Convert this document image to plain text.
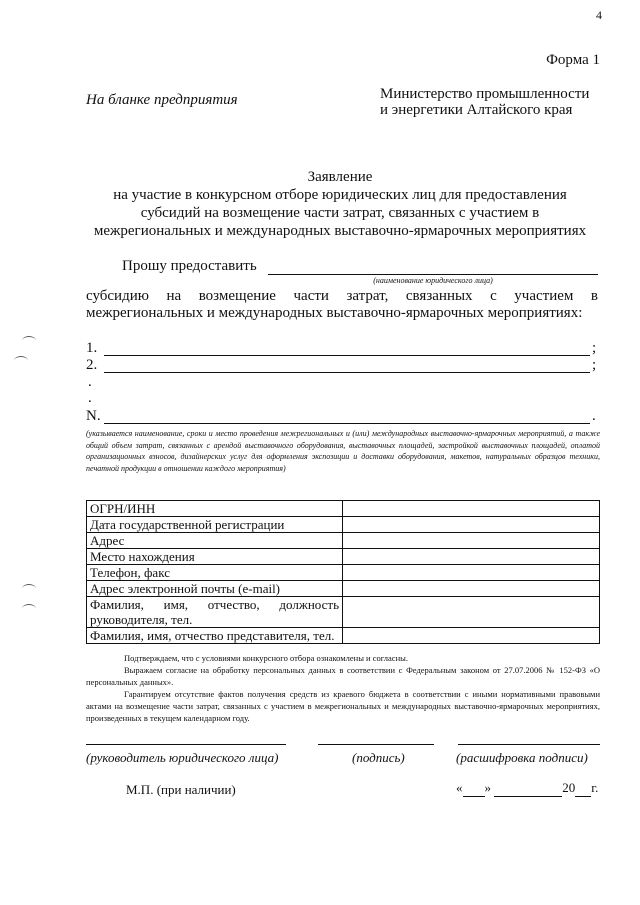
4
Форма 1
На бланке предприятия	Министерство промышленности
и энергетики Алтайского края
Заявление
на участие в конкурсном отборе юридических лиц для предоставления
субсидий на возмещение части затрат, связанных с участием в
межрегиональных и международных выставочно-ярмарочных мероприятиях
Прошу предоставить
(наименование юридического лица)
субсидию на возмещение части затрат, связанных с участием в
межрегиональных и международных выставочно-ярмарочных мероприятиях:
1.	;
2.	;
.
.
N.	.
(указывается наименование, сроки и место проведения межрегиональных и (или) международных выставочно-ярмарочных мероприятий, а также общий объем затрат, связанных с арендой выставочного оборудования, выставочных площадей, застройкой выставочных площадей, оплатой организационных взносов, дизайнерских услуг для оформления экспозиции и доставки оборудования, макетов, натуральных образцов техники, печатной продукции в отношении каждого мероприятия)
ОГРН/ИНН	
Дата государственной регистрации	
Адрес	
Место нахождения	
Телефон, факс	
Адрес электронной почты (e-mail)	
Фамилия, имя, отчество, должность руководителя, тел.	
Фамилия, имя, отчество представителя, тел.	

Подтверждаем, что с условиями конкурсного отбора ознакомлены и согласны.

Выражаем согласие на обработку персональных данных в соответствии с Федеральным законом от 27.07.2006 № 152-ФЗ «О персональных данных».

Гарантируем отсутствие фактов получения средств из краевого бюджета в соответствии с иными нормативными правовыми актами на возмещение части затрат, связанных с участием в межрегиональных и международных выставочно-ярмарочных мероприятиях, произведенных в текущем календарном году.

(руководитель юридического лица)	(подпись)	(расшифровка подписи)
М.П. (при наличии)	« »	20 г.
